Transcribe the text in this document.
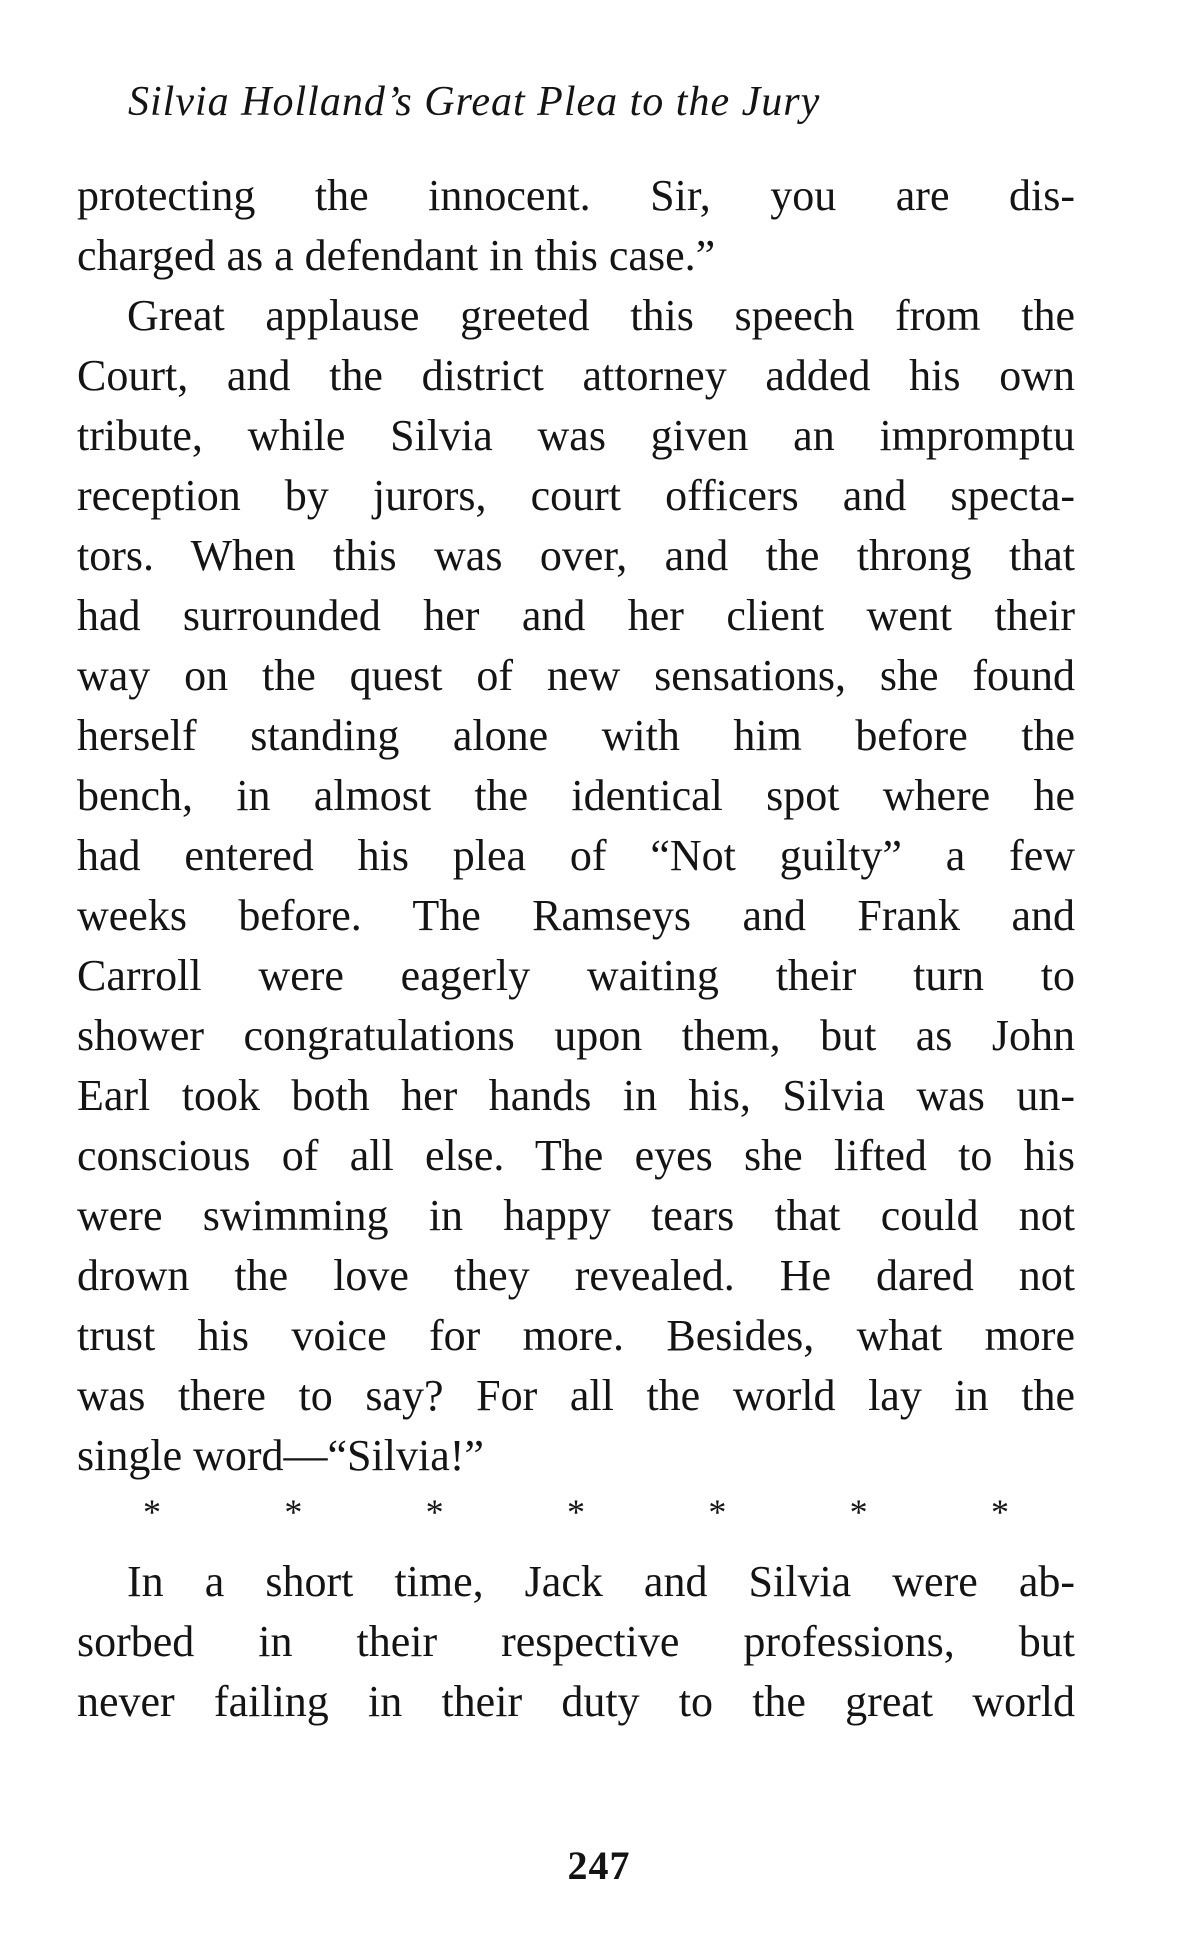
Silvia Holland’s Great Plea to the Jury
protecting the innocent. Sir, you are dis-
charged as a defendant in this case.”
Great applause greeted this speech from the
Court, and the district attorney added his own
tribute, while Silvia was given an impromptu
reception by jurors, court officers and specta-
tors. When this was over, and the throng that
had surrounded her and her client went their
way on the quest of new sensations, she found
herself standing alone with him before the
bench, in almost the identical spot where he
had entered his plea of “Not guilty” a few
weeks before. The Ramseys and Frank and
Carroll were eagerly waiting their turn to
shower congratulations upon them, but as John
Earl took both her hands in his, Silvia was un-
conscious of all else. The eyes she lifted to his
were swimming in happy tears that could not
drown the love they revealed. He dared not
trust his voice for more. Besides, what more
was there to say? For all the world lay in the
single word—“Silvia!”
*	*	*	*	*	*	*
In a short time, Jack and Silvia were ab-
sorbed in their respective professions, but
never failing in their duty to the great world
247
